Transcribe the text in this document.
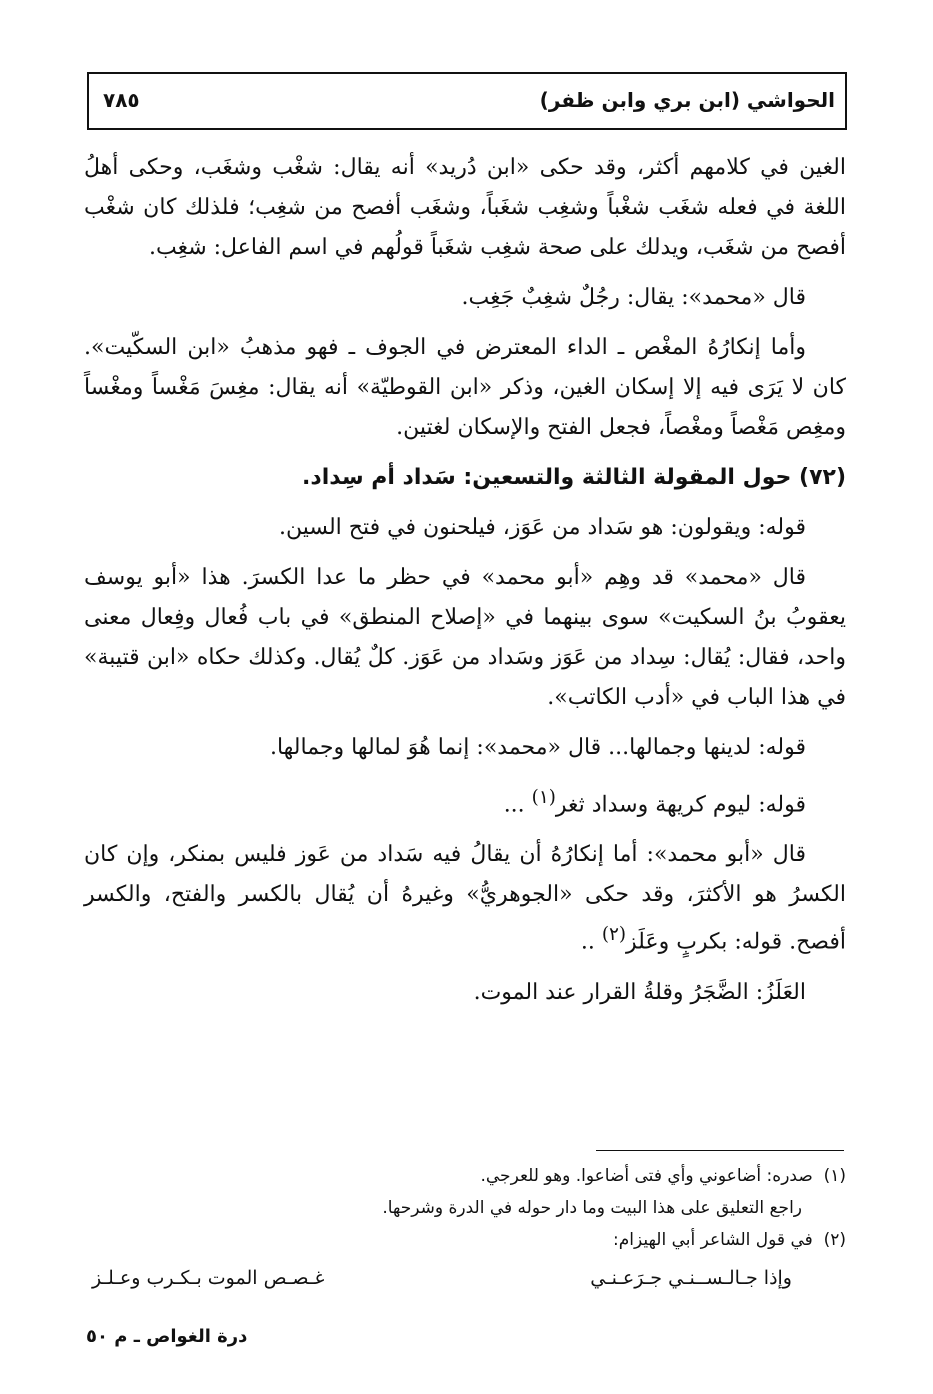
الحواشي (ابن بري وابن ظفر)
٧٨٥

الغين في كلامهم أكثر، وقد حكى «ابن دُريد» أنه يقال: شغْب وشغَب، وحكى أهلُ اللغة في فعله شغَب شغْباً وشغِب شغَباً، وشغَب أفصح من شغِب؛ فلذلك كان شغْب أفصح من شغَب، ويدلك على صحة شغِب شغَباً قولُهم في اسم الفاعل: شغِب.

قال «محمد»: يقال: رجُلٌ شغِبٌ جَغِب.

وأما إنكارُهُ المغْص ـ الداء المعترض في الجوف ـ فهو مذهبُ «ابن السكّيت». كان لا يَرَى فيه إلا إسكان الغين، وذكر «ابن القوطيّة» أنه يقال: مغِسَ مَغْساً ومغْساً ومغِص مَغْصاً ومغْصاً، فجعل الفتح والإسكان لغتين.

(٧٢) حول المقولة الثالثة والتسعين: سَداد أم سِداد.

قوله: ويقولون: هو سَداد من عَوَز، فيلحنون في فتح السين.

قال «محمد» قد وهِم «أبو محمد» في حظر ما عدا الكسرَ. هذا «أبو يوسف يعقوبُ بنُ السكيت» سوى بينهما في «إصلاح المنطق» في باب فُعال وفِعال معنى واحد، فقال: يُقال: سِداد من عَوَز وسَداد من عَوَز. كلٌ يُقال. وكذلك حكاه «ابن قتيبة» في هذا الباب في «أدب الكاتب».

قوله: لدينها وجمالها... قال «محمد»: إنما هُوَ لمالها وجمالها.

قوله: ليوم كريهة وسداد ثغر$^{(١)}$ ...

قال «أبو محمد»: أما إنكارُهُ أن يقالُ فيه سَداد من عَوز فليس بمنكر، وإن كان الكسرُ هو الأكثرَ، وقد حكى «الجوهريُّ» وغيرهُ أن يُقال بالكسر والفتح، والكسر أفصح. قوله: بكربٍ وعَلَز$^{(٢)}$ ..

العَلَزُ: الضَّجَرُ وقلةُ القرار عند الموت.

(١)  صدره: أضاعوني وأي فتى أضاعوا. وهو للعرجي.

راجع التعليق على هذا البيت وما دار حوله في الدرة وشرحها.

(٢)  في قول الشاعر أبي الهيزام:

وإذا جـالـســنـي جـرَعـنـي
غـصـص الموت بـكـرب وعـلـز
درة الغواص ـ م ٥٠
